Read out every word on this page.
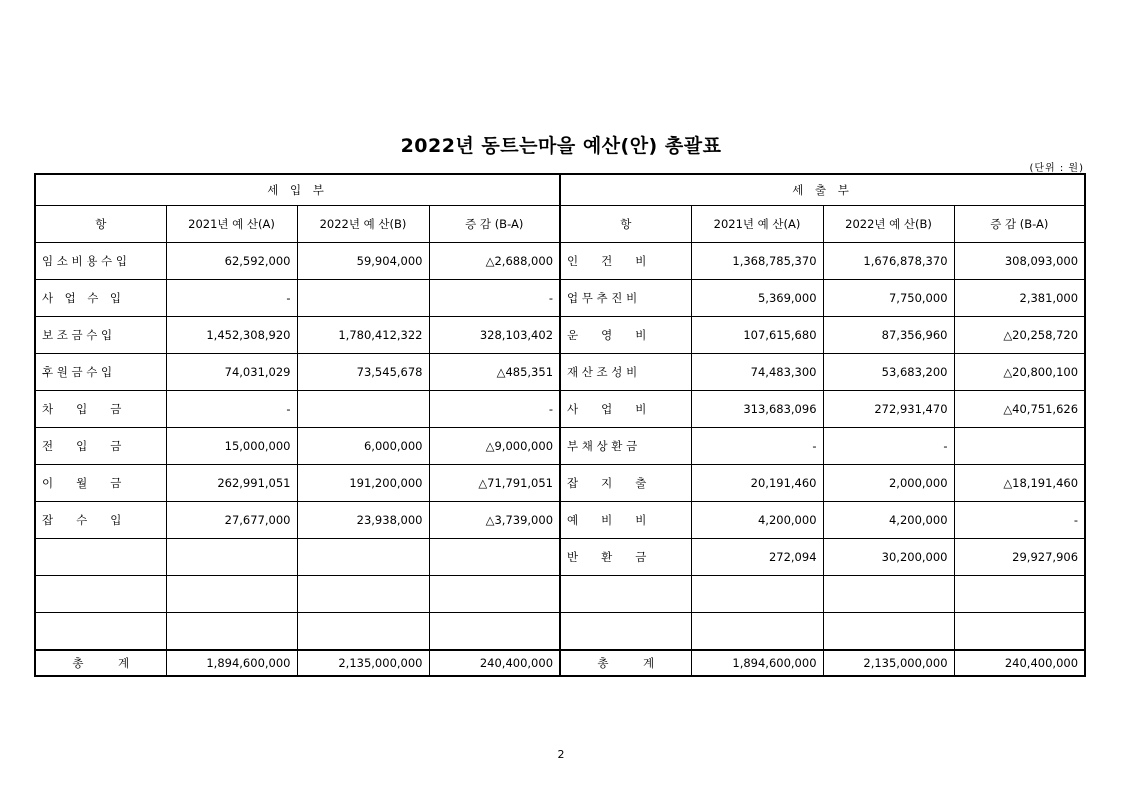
2022년 동트는마을 예산(안) 총괄표
(단위 : 원)
세 입 부				세 출 부			
항	2021년 예 산(A)	2022년 예 산(B)	증 감 (B-A)	항	2021년 예 산(A)	2022년 예 산(B)	증 감 (B-A)
임 소 비 용 수 입	62,592,000	59,904,000	△2,688,000	인　　건　　비	1,368,785,370	1,676,878,370	308,093,000
사　업　수　입	-		-	업 무 추 진 비	5,369,000	7,750,000	2,381,000
보 조 금 수 입	1,452,308,920	1,780,412,322	328,103,402	운　　영　　비	107,615,680	87,356,960	△20,258,720
후 원 금 수 입	74,031,029	73,545,678	△485,351	재 산 조 성 비	74,483,300	53,683,200	△20,800,100
차　　입　　금	-		-	사　　업　　비	313,683,096	272,931,470	△40,751,626
전　　입　　금	15,000,000	6,000,000	△9,000,000	부 채 상 환 금	-	-	
이　　월　　금	262,991,051	191,200,000	△71,791,051	잡　　지　　출	20,191,460	2,000,000	△18,191,460
잡　　수　　입	27,677,000	23,938,000	△3,739,000	예　　비　　비	4,200,000	4,200,000	-
				반　　환　　금	272,094	30,200,000	29,927,906

총　　　계	1,894,600,000	2,135,000,000	240,400,000	총　　　계	1,894,600,000	2,135,000,000	240,400,000
2
